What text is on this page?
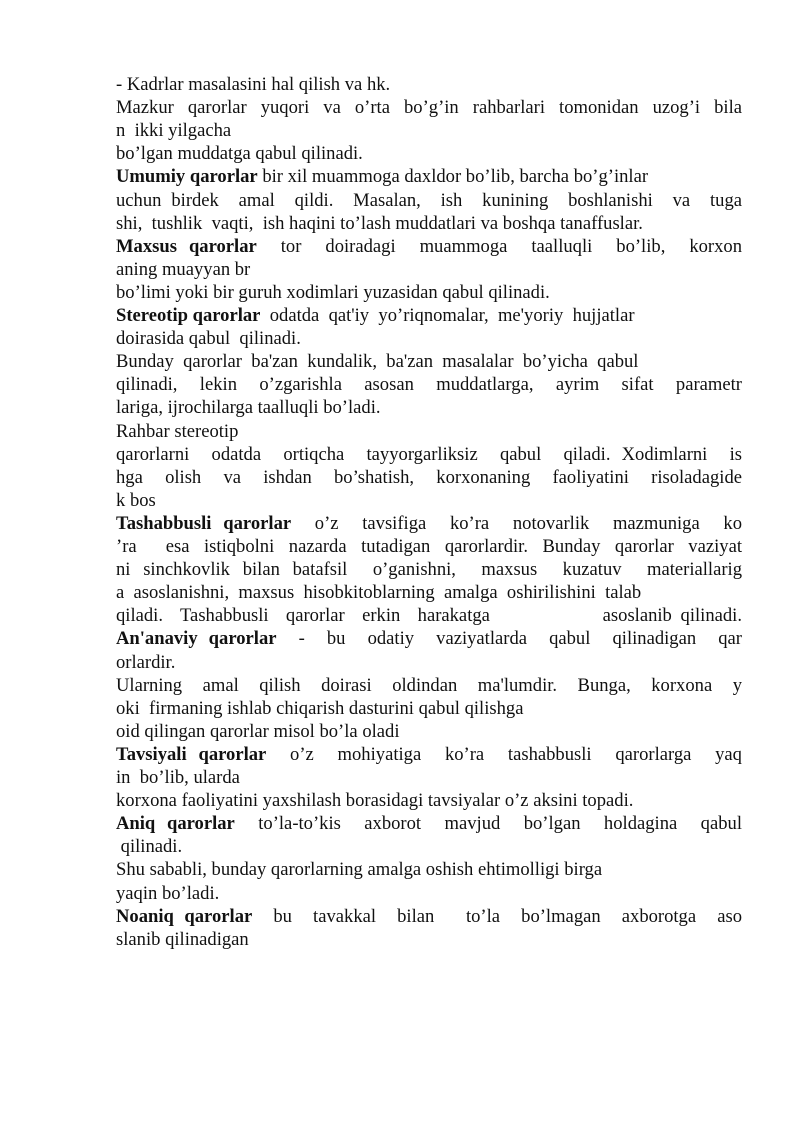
- Kadrlar masalasini hal qilish va hk.
Mazkur qarorlar yuqori va o’rta bo’g’in rahbarlari tomonidan uzog’i bila
n  ikki yilgacha
bo’lgan muddatga qabul qilinadi.
Umumiy qarorlar bir xil muammoga daxldor bo’lib, barcha bo’g’inlar
uchun birdek  amal  qildi.  Masalan,  ish  kunining  boshlanishi  va  tuga
shi,  tushlik  vaqti,  ish haqini to’lash muddatlari va boshqa tanaffuslar.
Maxsus qarorlar  tor  doiradagi  muammoga  taalluqli  bo’lib,  korxon
aning muayyan br
bo’limi yoki bir guruh xodimlari yuzasidan qabul qilinadi.
Stereotip qarorlar  odatda  qat'iy  yo’riqnomalar,  me'yoriy  hujjatlar
doirasida qabul  qilinadi.
Bunday  qarorlar  ba'zan  kundalik,  ba'zan  masalalar  bo’yicha  qabul
qilinadi,  lekin  o’zgarishla  asosan  muddatlarga,  ayrim  sifat  parametr
lariga, ijrochilarga taalluqli bo’ladi.
Rahbar stereotip
qarorlarni  odatda  ortiqcha  tayyorgarliksiz  qabul  qiladi. Xodimlarni  is
hga  olish  va  ishdan  bo’shatish,  korxonaning  faoliyatini  risoladagide
k bos
Tashabbusli qarorlar  o’z  tavsifiga  ko’ra  notovarlik  mazmuniga  ko
’ra  esa istiqbolni nazarda tutadigan qarorlardir. Bunday qarorlar vaziyat
ni sinchkovlik bilan batafsil  o’ganishni,  maxsus  kuzatuv  materiallarig
a  asoslanishni,  maxsus  hisobkitoblarning  amalga  oshirilishini  talab
qiladi.  Tashabbusli  qarorlar  erkin  harakatga             asoslanib qilinadi.
An'anaviy qarorlar  -  bu  odatiy  vaziyatlarda  qabul  qilinadigan  qar
orlardir.
Ularning  amal  qilish  doirasi  oldindan  ma'lumdir.  Bunga,  korxona  y
oki  firmaning ishlab chiqarish dasturini qabul qilishga
oid qilingan qarorlar misol bo’la oladi
Tavsiyali qarorlar  o’z  mohiyatiga  ko’ra  tashabbusli  qarorlarga  yaq
in  bo’lib, ularda
korxona faoliyatini yaxshilash borasidagi tavsiyalar o’z aksini topadi.
Aniq qarorlar  to’la-to’kis  axborot  mavjud  bo’lgan  holdagina  qabul
qilinadi.
Shu sababli, bunday qarorlarning amalga oshish ehtimolligi birga
yaqin bo’ladi.
Noaniq qarorlar  bu  tavakkal  bilan   to’la  bo’lmagan  axborotga  aso
slanib qilinadigan
